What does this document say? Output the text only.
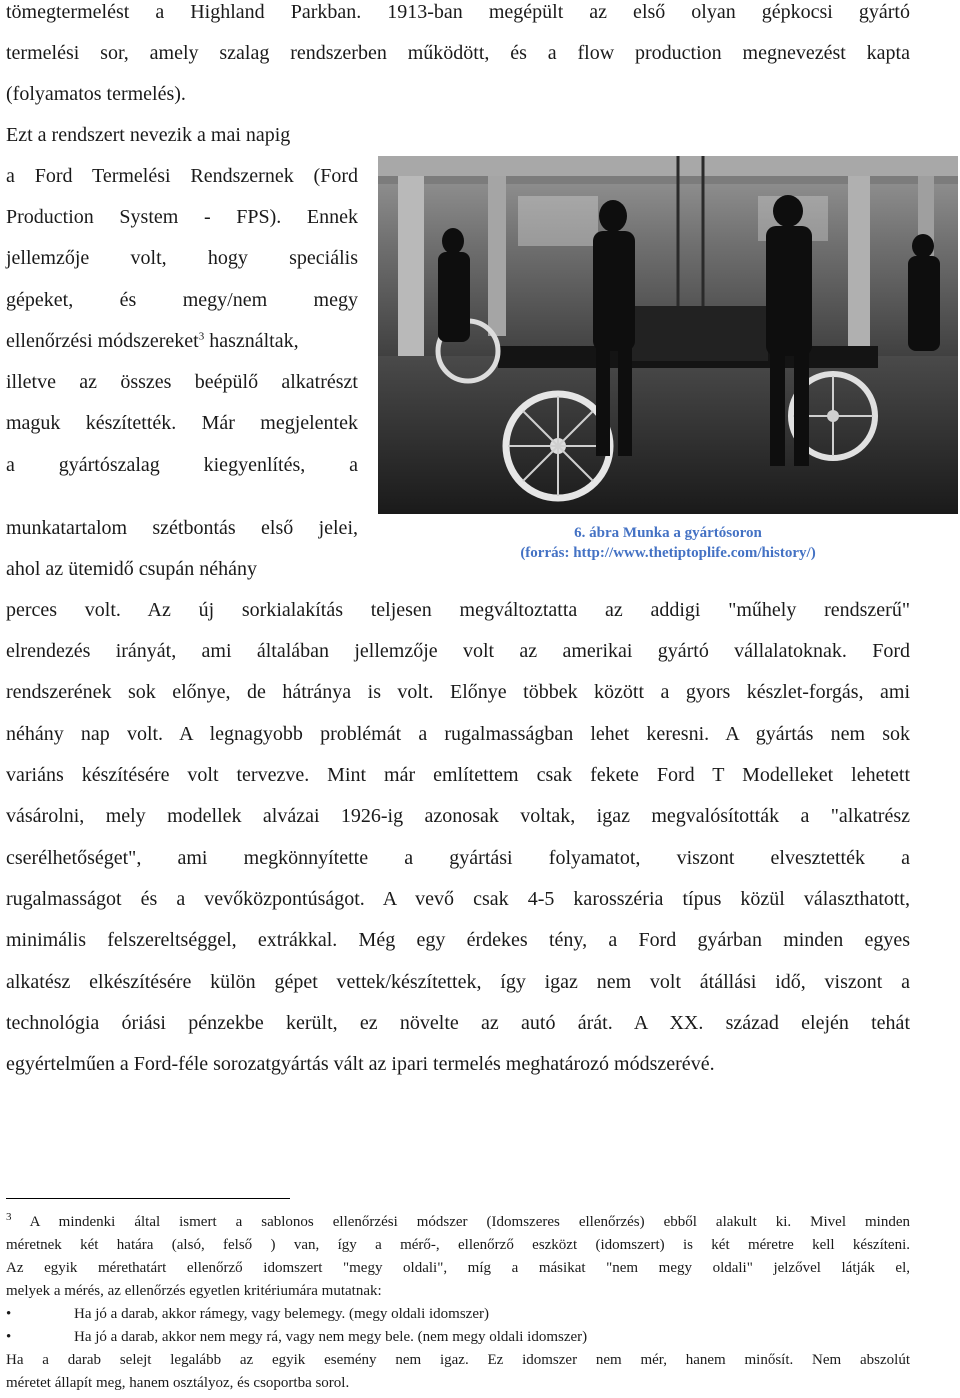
tömegtermelést a Highland Parkban. 1913-ban megépült az első olyan gépkocsi gyártó
termelési sor, amely szalag rendszerben működött, és a flow production megnevezést kapta
(folyamatos termelés).
Ezt a rendszert nevezik a mai napig
a Ford Termelési Rendszernek (Ford
Production System - FPS). Ennek
jellemzője volt, hogy speciális
gépeket, és megy/nem megy
ellenőrzési módszereket$^3$ használtak,
illetve az összes beépülő alkatrészt
maguk készítették. Már megjelentek
a gyártószalag kiegyenlítés, a
munkatartalom szétbontás első jelei,
ahol az ütemidő csupán néhány
6. ábra Munka a gyártósoron
(forrás: http://www.thetiptoplife.com/history/)
perces volt. Az új sorkialakítás teljesen megváltoztatta az addigi "műhely rendszerű"
elrendezés irányát, ami általában jellemzője volt az amerikai gyártó vállalatoknak. Ford
rendszerének sok előnye, de hátránya is volt. Előnye többek között a gyors készlet-forgás, ami
néhány nap volt. A legnagyobb problémát a rugalmasságban lehet keresni. A gyártás nem sok
variáns készítésére volt tervezve. Mint már említettem csak fekete Ford T Modelleket lehetett
vásárolni, mely modellek alvázai 1926-ig azonosak voltak, igaz megvalósították a "alkatrész
cserélhetőséget", ami megkönnyítette a gyártási folyamatot, viszont elvesztették a
rugalmasságot és a vevőközpontúságot. A vevő csak 4-5 karosszéria típus közül választhatott,
minimális felszereltséggel, extrákkal. Még egy érdekes tény, a Ford gyárban minden egyes
alkatész elkészítésére külön gépet vettek/készítettek, így igaz nem volt átállási idő, viszont a
technológia óriási pénzekbe került, ez növelte az autó árát. A XX. század elején tehát
egyértelműen a Ford-féle sorozatgyártás vált az ipari termelés meghatározó módszerévé.
$^3$ A mindenki által ismert a sablonos ellenőrzési módszer (Idomszeres ellenőrzés) ebből alakult ki. Mivel minden
méretnek két határa (alsó, felső ) van, így a mérő-, ellenőrző eszközt (idomszert) is két méretre kell készíteni.
Az egyik mérethatárt ellenőrző idomszert "megy oldali", míg a másikat "nem megy oldali" jelzővel látják el,
melyek a mérés, az ellenőrzés egyetlen kritériumára mutatnak:
•	Ha jó a darab, akkor rámegy, vagy belemegy. (megy oldali idomszer)
•	Ha jó a darab, akkor nem megy rá, vagy nem megy bele. (nem megy oldali idomszer)
Ha a darab selejt legalább az egyik esemény nem igaz. Ez idomszer nem mér, hanem minősít. Nem abszolút
méretet állapít meg, hanem osztályoz, és csoportba sorol.
